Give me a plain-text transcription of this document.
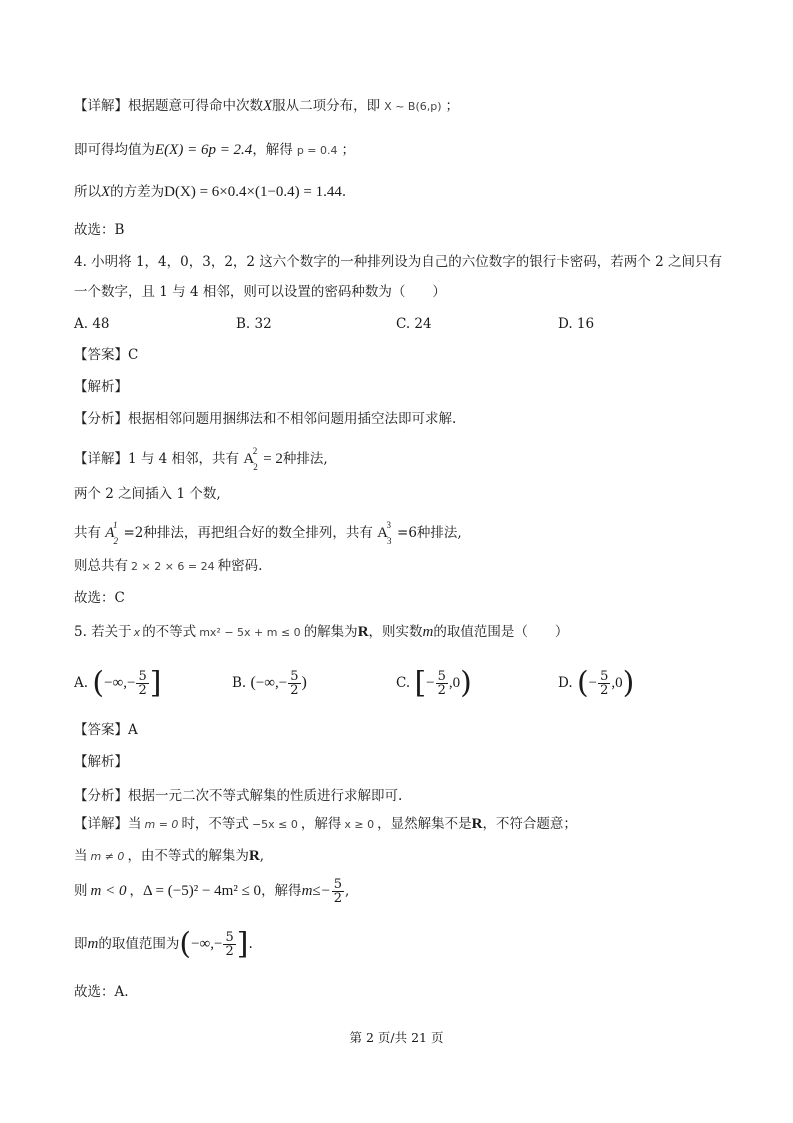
【详解】根据题意可得命中次数X服从二项分布，即 X ~ B(6,p) ；
即可得均值为E(X) = 6p = 2.4，解得 p = 0.4 ；
所以X的方差为D(X) = 6×0.4×(1−0.4) = 1.44.
故选：B
4. 小明将 1，4，0，3，2，2 这六个数字的一种排列设为自己的六位数字的银行卡密码，若两个 2 之间只有
一个数字，且 1 与 4 相邻，则可以设置的密码种数为（　　）
A. 48	B. 32	C. 24	D. 16
【答案】C
【解析】
【分析】根据相邻问题用捆绑法和不相邻问题用插空法即可求解.
【详解】1 与 4 相邻，共有 $A_2^2 = 2$种排法,
两个 2 之间插入 1 个数,
共有 $A_2^1 =2$种排法，再把组合好的数全排列，共有 $A_3^3 =6$种排法,
则总共有 2 × 2 × 6 = 24 种密码.
故选：C
5. 若关于 x 的不等式 mx² − 5x + m ≤ 0 的解集为R，则实数m的取值范围是（　　）
A. (−∞,− $\frac{5}{2}$ ]	B. (−∞,− $\frac{5}{2}$ )	C. [− $\frac{5}{2} ,0$)	D. (− $\frac{5}{2} ,0$)
【答案】A
【解析】
【分析】根据一元二次不等式解集的性质进行求解即可.
【详解】当 m = 0 时，不等式 −5x ≤ 0 ，解得 x ≥ 0 ，显然解集不是R，不符合题意；
当 m ≠ 0 ，由不等式的解集为R,
则 m < 0 ，Δ = (−5)² − 4m² ≤ 0，解得$m\le- \frac{5}{2}$ ,
即m的取值范围为(−∞,− $\frac{5}{2}$ ].
故选：A.
第 2 页/共 21 页
